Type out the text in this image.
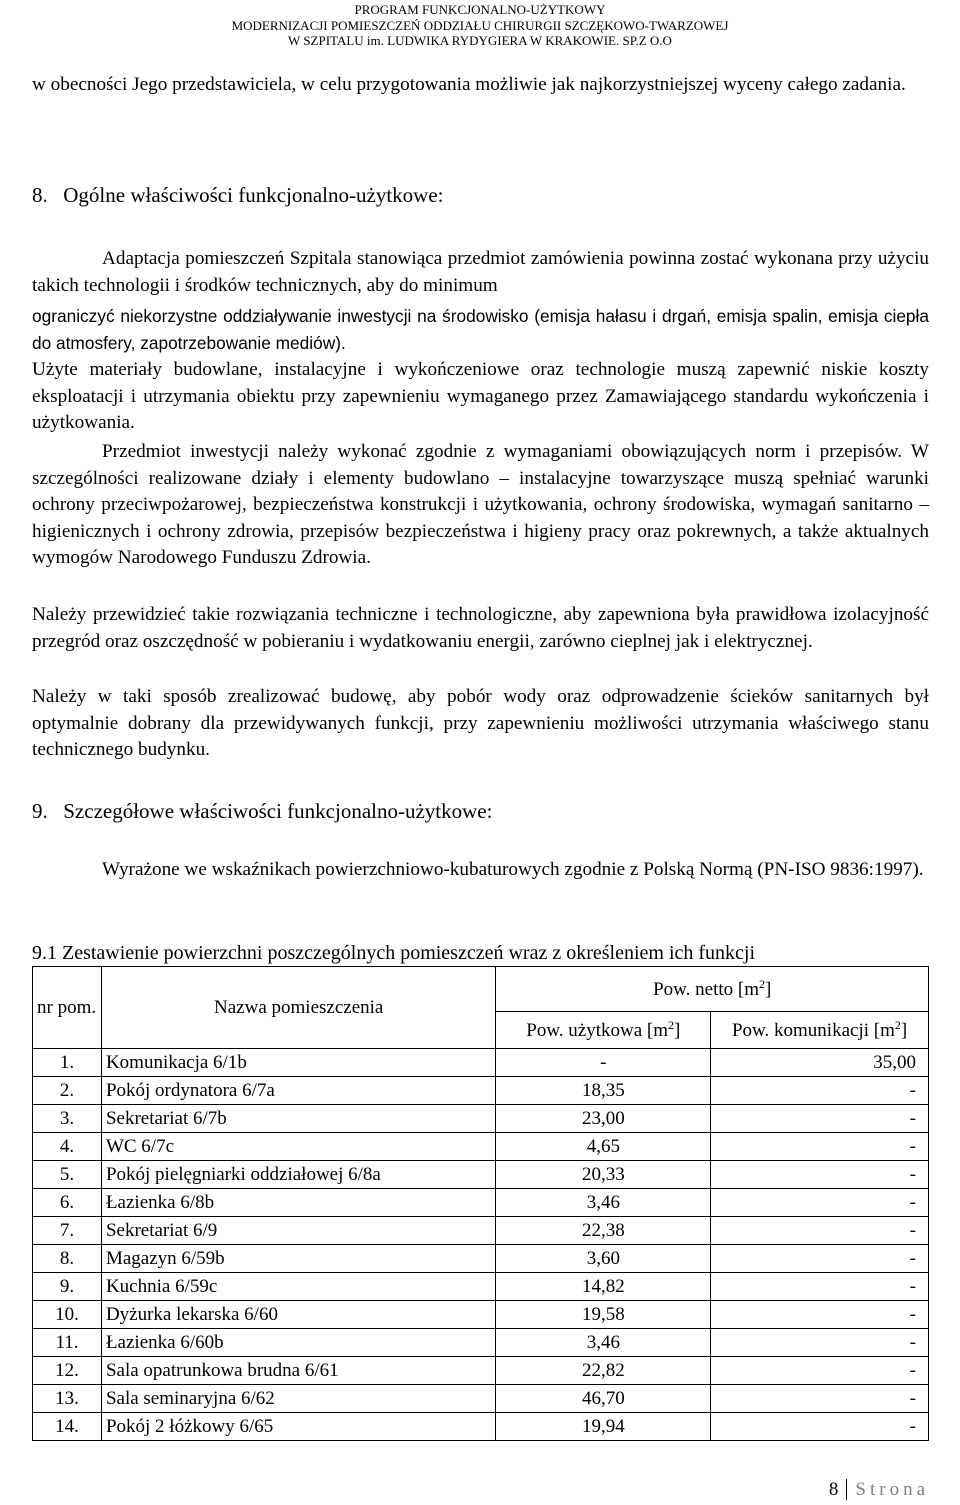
PROGRAM FUNKCJONALNO-UŻYTKOWY
MODERNIZACJI POMIESZCZEŃ ODDZIAŁU CHIRURGII SZCZĘKOWO-TWARZOWEJ
W SZPITALU im. LUDWIKA RYDYGIERA W KRAKOWIE. SP.Z O.O

w obecności Jego przedstawiciela, w celu przygotowania możliwie jak najkorzystniejszej wyceny całego zadania.

8. Ogólne właściwości funkcjonalno-użytkowe:

Adaptacja pomieszczeń Szpitala stanowiąca przedmiot zamówienia powinna zostać wykonana przy użyciu takich technologii i środków technicznych, aby do minimum

ograniczyć niekorzystne oddziaływanie inwestycji na środowisko (emisja hałasu i drgań, emisja spalin, emisja ciepła do atmosfery, zapotrzebowanie mediów).

Użyte materiały budowlane, instalacyjne i wykończeniowe oraz technologie muszą zapewnić niskie koszty eksploatacji i utrzymania obiektu przy zapewnieniu wymaganego przez Zamawiającego standardu wykończenia i użytkowania.

Przedmiot inwestycji należy wykonać zgodnie z wymaganiami obowiązujących norm i przepisów. W szczególności realizowane działy i elementy budowlano – instalacyjne towarzyszące muszą spełniać warunki ochrony przeciwpożarowej, bezpieczeństwa konstrukcji i użytkowania, ochrony środowiska, wymagań sanitarno – higienicznych i ochrony zdrowia, przepisów bezpieczeństwa i higieny pracy oraz pokrewnych, a także aktualnych wymogów Narodowego Funduszu Zdrowia.

Należy przewidzieć takie rozwiązania techniczne i technologiczne, aby zapewniona była prawidłowa izolacyjność przegród oraz oszczędność w pobieraniu i wydatkowaniu energii, zarówno cieplnej jak i elektrycznej.

Należy w taki sposób zrealizować budowę, aby pobór wody oraz odprowadzenie ścieków sanitarnych był optymalnie dobrany dla przewidywanych funkcji, przy zapewnieniu możliwości utrzymania właściwego stanu technicznego budynku.

9. Szczegółowe właściwości funkcjonalno-użytkowe:

Wyrażone we wskaźnikach powierzchniowo-kubaturowych zgodnie z Polską Normą (PN-ISO 9836:1997).

9.1 Zestawienie powierzchni poszczególnych pomieszczeń wraz z określeniem ich funkcji
nr pom.	Nazwa pomieszczenia	Pow. netto $[m^2]$	
		Pow. użytkowa $[m^2]$	Pow. komunikacji $[m^2]$
1.	Komunikacja 6/1b	-	35,00
2.	Pokój ordynatora 6/7a	18,35	-
3.	Sekretariat 6/7b	23,00	-
4.	WC 6/7c	4,65	-
5.	Pokój pielęgniarki oddziałowej 6/8a	20,33	-
6.	Łazienka 6/8b	3,46	-
7.	Sekretariat 6/9	22,38	-
8.	Magazyn 6/59b	3,60	-
9.	Kuchnia 6/59c	14,82	-
10.	Dyżurka lekarska 6/60	19,58	-
11.	Łazienka 6/60b	3,46	-
12.	Sala opatrunkowa brudna 6/61	22,82	-
13.	Sala seminaryjna 6/62	46,70	-
14.	Pokój 2 łóżkowy 6/65	19,94	-
8 Strona
